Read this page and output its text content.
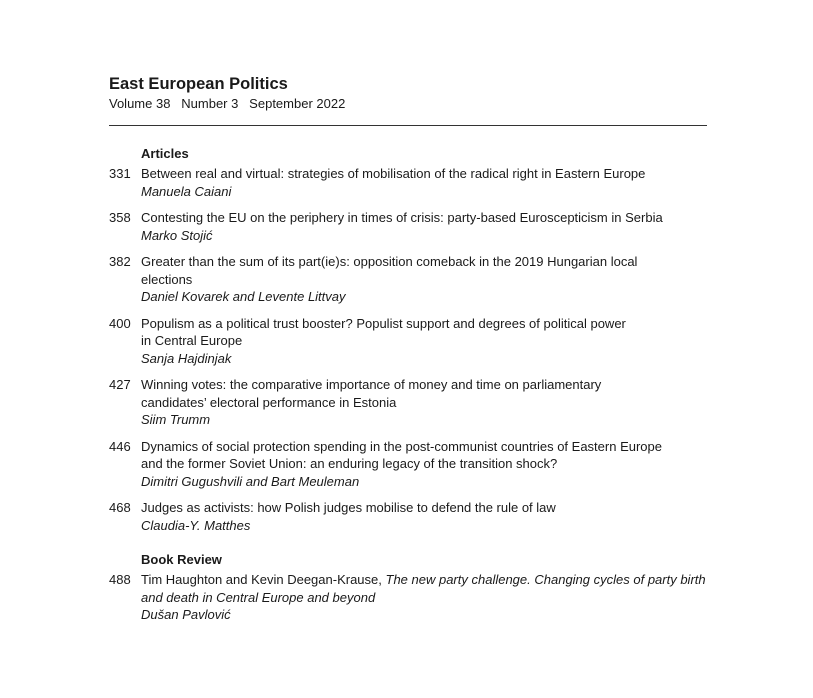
East European Politics
Volume 38   Number 3   September 2022
Articles
331 Between real and virtual: strategies of mobilisation of the radical right in Eastern Europe
Manuela Caiani
358 Contesting the EU on the periphery in times of crisis: party-based Euroscepticism in Serbia
Marko Stojić
382 Greater than the sum of its part(ie)s: opposition comeback in the 2019 Hungarian local
elections
Daniel Kovarek and Levente Littvay
400 Populism as a political trust booster? Populist support and degrees of political power
in Central Europe
Sanja Hajdinjak
427 Winning votes: the comparative importance of money and time on parliamentary
candidates’ electoral performance in Estonia
Siim Trumm
446 Dynamics of social protection spending in the post-communist countries of Eastern Europe
and the former Soviet Union: an enduring legacy of the transition shock?
Dimitri Gugushvili and Bart Meuleman
468 Judges as activists: how Polish judges mobilise to defend the rule of law
Claudia-Y. Matthes
Book Review
488 Tim Haughton and Kevin Deegan-Krause, The new party challenge. Changing cycles of party birth
and death in Central Europe and beyond
Dušan Pavlović
